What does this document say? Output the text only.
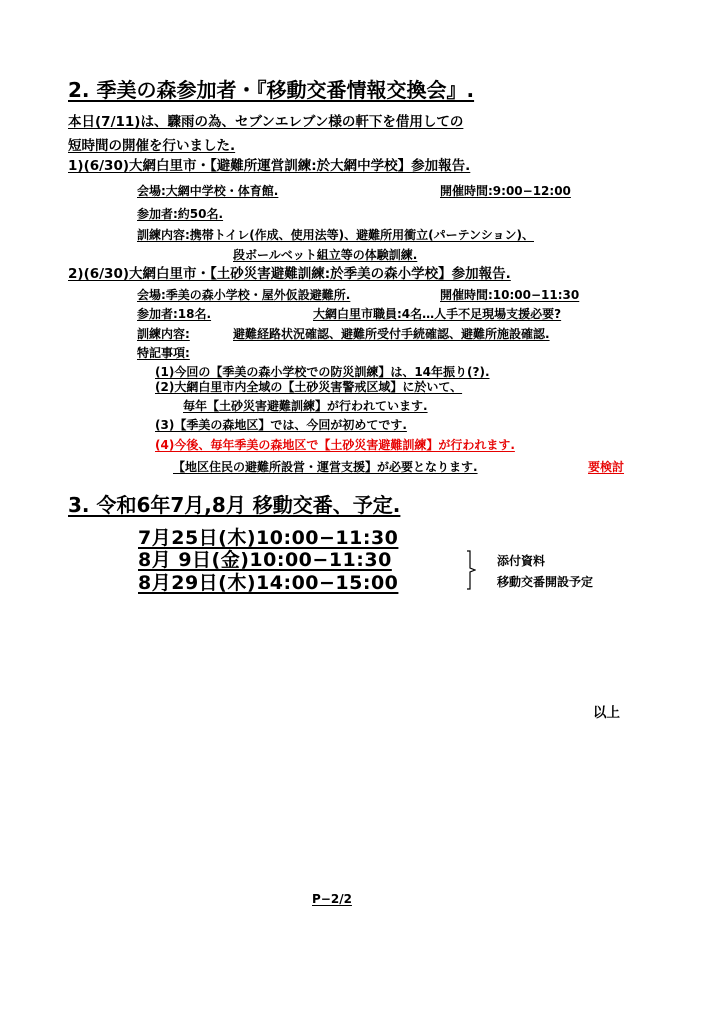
2. 季美の森参加者・『移動交番情報交換会』.
本日(7/11)は、驟雨の為、セブンエレブン様の軒下を借用しての
短時間の開催を行いました.
1)(6/30)大網白里市・【避難所運営訓練:於大網中学校】参加報告.
会場:大網中学校・体育館.	開催時間:9:00−12:00
参加者:約50名.
訓練内容:携帯トイレ(作成、使用法等)、避難所用衝立(パーテンション)、
段ボールベット組立等の体験訓練.
2)(6/30)大網白里市・【土砂災害避難訓練:於季美の森小学校】参加報告.
会場:季美の森小学校・屋外仮設避難所.	開催時間:10:00−11:30
参加者:18名.	大網白里市職員:4名…人手不足現場支援必要?
訓練内容:	避難経路状況確認、避難所受付手続確認、避難所施設確認.
特記事項:
(1)今回の【季美の森小学校での防災訓練】は、14年振り(?).
(2)大網白里市内全域の【土砂災害警戒区域】に於いて、
毎年【土砂災害避難訓練】が行われています.
(3)【季美の森地区】では、今回が初めてです.
(4)今後、毎年季美の森地区で【土砂災害避難訓練】が行われます.
【地区住民の避難所設営・運営支援】が必要となります.	要検討
3. 令和6年7月,8月 移動交番、予定.
7月25日(木)10:00−11:30
8月 9日(金)10:00−11:30
8月29日(木)14:00−15:00
添付資料
移動交番開設予定
以上
P−2/2
